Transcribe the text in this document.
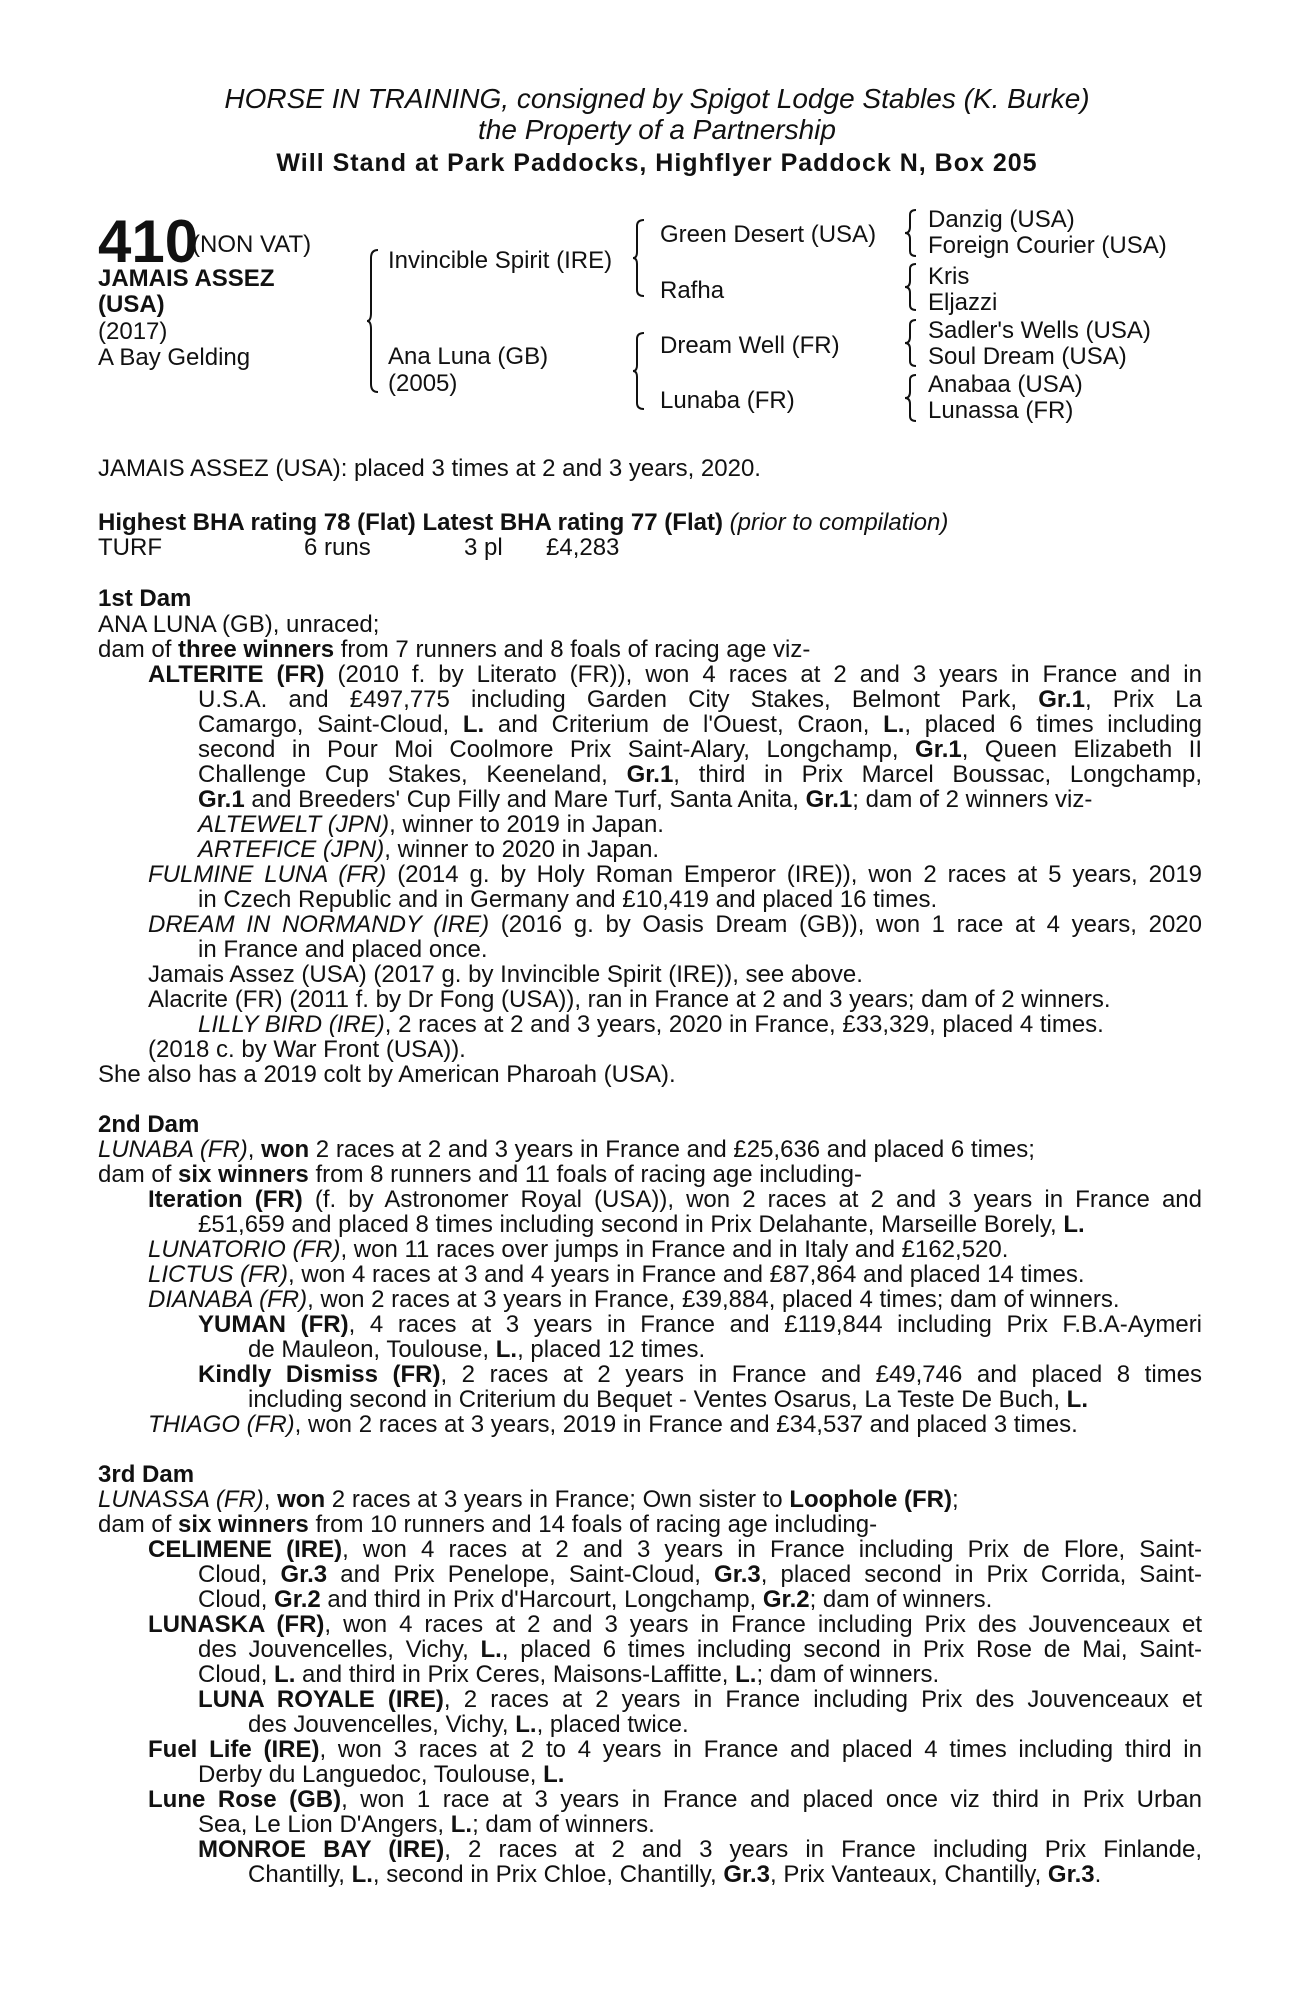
HORSE IN TRAINING, consigned by Spigot Lodge Stables (K. Burke)
the Property of a Partnership
Will Stand at Park Paddocks, Highflyer Paddock N, Box 205
410
(NON VAT)
JAMAIS ASSEZ
(USA)
(2017)
A Bay Gelding
Invincible Spirit (IRE)
Ana Luna (GB)
(2005)
Green Desert (USA)
Rafha
Dream Well (FR)
Lunaba (FR)
Danzig (USA)
Foreign Courier (USA)
Kris
Eljazzi
Sadler's Wells (USA)
Soul Dream (USA)
Anabaa (USA)
Lunassa (FR)
JAMAIS ASSEZ (USA): placed 3 times at 2 and 3 years, 2020.
Highest BHA rating 78 (Flat) Latest BHA rating 77 (Flat) (prior to compilation)
TURF	6 runs	3 pl £4,283
1st Dam
ANA LUNA (GB), unraced;
dam of three winners from 7 runners and 8 foals of racing age viz-
ALTERITE (FR) (2010 f. by Literato (FR)), won 4 races at 2 and 3 years in France and in
U.S.A. and £497,775 including Garden City Stakes, Belmont Park, Gr.1, Prix La
Camargo, Saint-Cloud, L. and Criterium de l'Ouest, Craon, L., placed 6 times including
second in Pour Moi Coolmore Prix Saint-Alary, Longchamp, Gr.1, Queen Elizabeth II
Challenge Cup Stakes, Keeneland, Gr.1, third in Prix Marcel Boussac, Longchamp,
Gr.1 and Breeders' Cup Filly and Mare Turf, Santa Anita, Gr.1; dam of 2 winners viz-
ALTEWELT (JPN), winner to 2019 in Japan.
ARTEFICE (JPN), winner to 2020 in Japan.
FULMINE LUNA (FR) (2014 g. by Holy Roman Emperor (IRE)), won 2 races at 5 years, 2019
in Czech Republic and in Germany and £10,419 and placed 16 times.
DREAM IN NORMANDY (IRE) (2016 g. by Oasis Dream (GB)), won 1 race at 4 years, 2020
in France and placed once.
Jamais Assez (USA) (2017 g. by Invincible Spirit (IRE)), see above.
Alacrite (FR) (2011 f. by Dr Fong (USA)), ran in France at 2 and 3 years; dam of 2 winners.
LILLY BIRD (IRE), 2 races at 2 and 3 years, 2020 in France, £33,329, placed 4 times.
(2018 c. by War Front (USA)).
She also has a 2019 colt by American Pharoah (USA).
2nd Dam
LUNABA (FR), won 2 races at 2 and 3 years in France and £25,636 and placed 6 times;
dam of six winners from 8 runners and 11 foals of racing age including-
Iteration (FR) (f. by Astronomer Royal (USA)), won 2 races at 2 and 3 years in France and
£51,659 and placed 8 times including second in Prix Delahante, Marseille Borely, L.
LUNATORIO (FR), won 11 races over jumps in France and in Italy and £162,520.
LICTUS (FR), won 4 races at 3 and 4 years in France and £87,864 and placed 14 times.
DIANABA (FR), won 2 races at 3 years in France, £39,884, placed 4 times; dam of winners.
YUMAN (FR), 4 races at 3 years in France and £119,844 including Prix F.B.A-Aymeri
de Mauleon, Toulouse, L., placed 12 times.
Kindly Dismiss (FR), 2 races at 2 years in France and £49,746 and placed 8 times
including second in Criterium du Bequet - Ventes Osarus, La Teste De Buch, L.
THIAGO (FR), won 2 races at 3 years, 2019 in France and £34,537 and placed 3 times.
3rd Dam
LUNASSA (FR), won 2 races at 3 years in France; Own sister to Loophole (FR);
dam of six winners from 10 runners and 14 foals of racing age including-
CELIMENE (IRE), won 4 races at 2 and 3 years in France including Prix de Flore, Saint-
Cloud, Gr.3 and Prix Penelope, Saint-Cloud, Gr.3, placed second in Prix Corrida, Saint-
Cloud, Gr.2 and third in Prix d'Harcourt, Longchamp, Gr.2; dam of winners.
LUNASKA (FR), won 4 races at 2 and 3 years in France including Prix des Jouvenceaux et
des Jouvencelles, Vichy, L., placed 6 times including second in Prix Rose de Mai, Saint-
Cloud, L. and third in Prix Ceres, Maisons-Laffitte, L.; dam of winners.
LUNA ROYALE (IRE), 2 races at 2 years in France including Prix des Jouvenceaux et
des Jouvencelles, Vichy, L., placed twice.
Fuel Life (IRE), won 3 races at 2 to 4 years in France and placed 4 times including third in
Derby du Languedoc, Toulouse, L.
Lune Rose (GB), won 1 race at 3 years in France and placed once viz third in Prix Urban
Sea, Le Lion D'Angers, L.; dam of winners.
MONROE BAY (IRE), 2 races at 2 and 3 years in France including Prix Finlande,
Chantilly, L., second in Prix Chloe, Chantilly, Gr.3, Prix Vanteaux, Chantilly, Gr.3.
